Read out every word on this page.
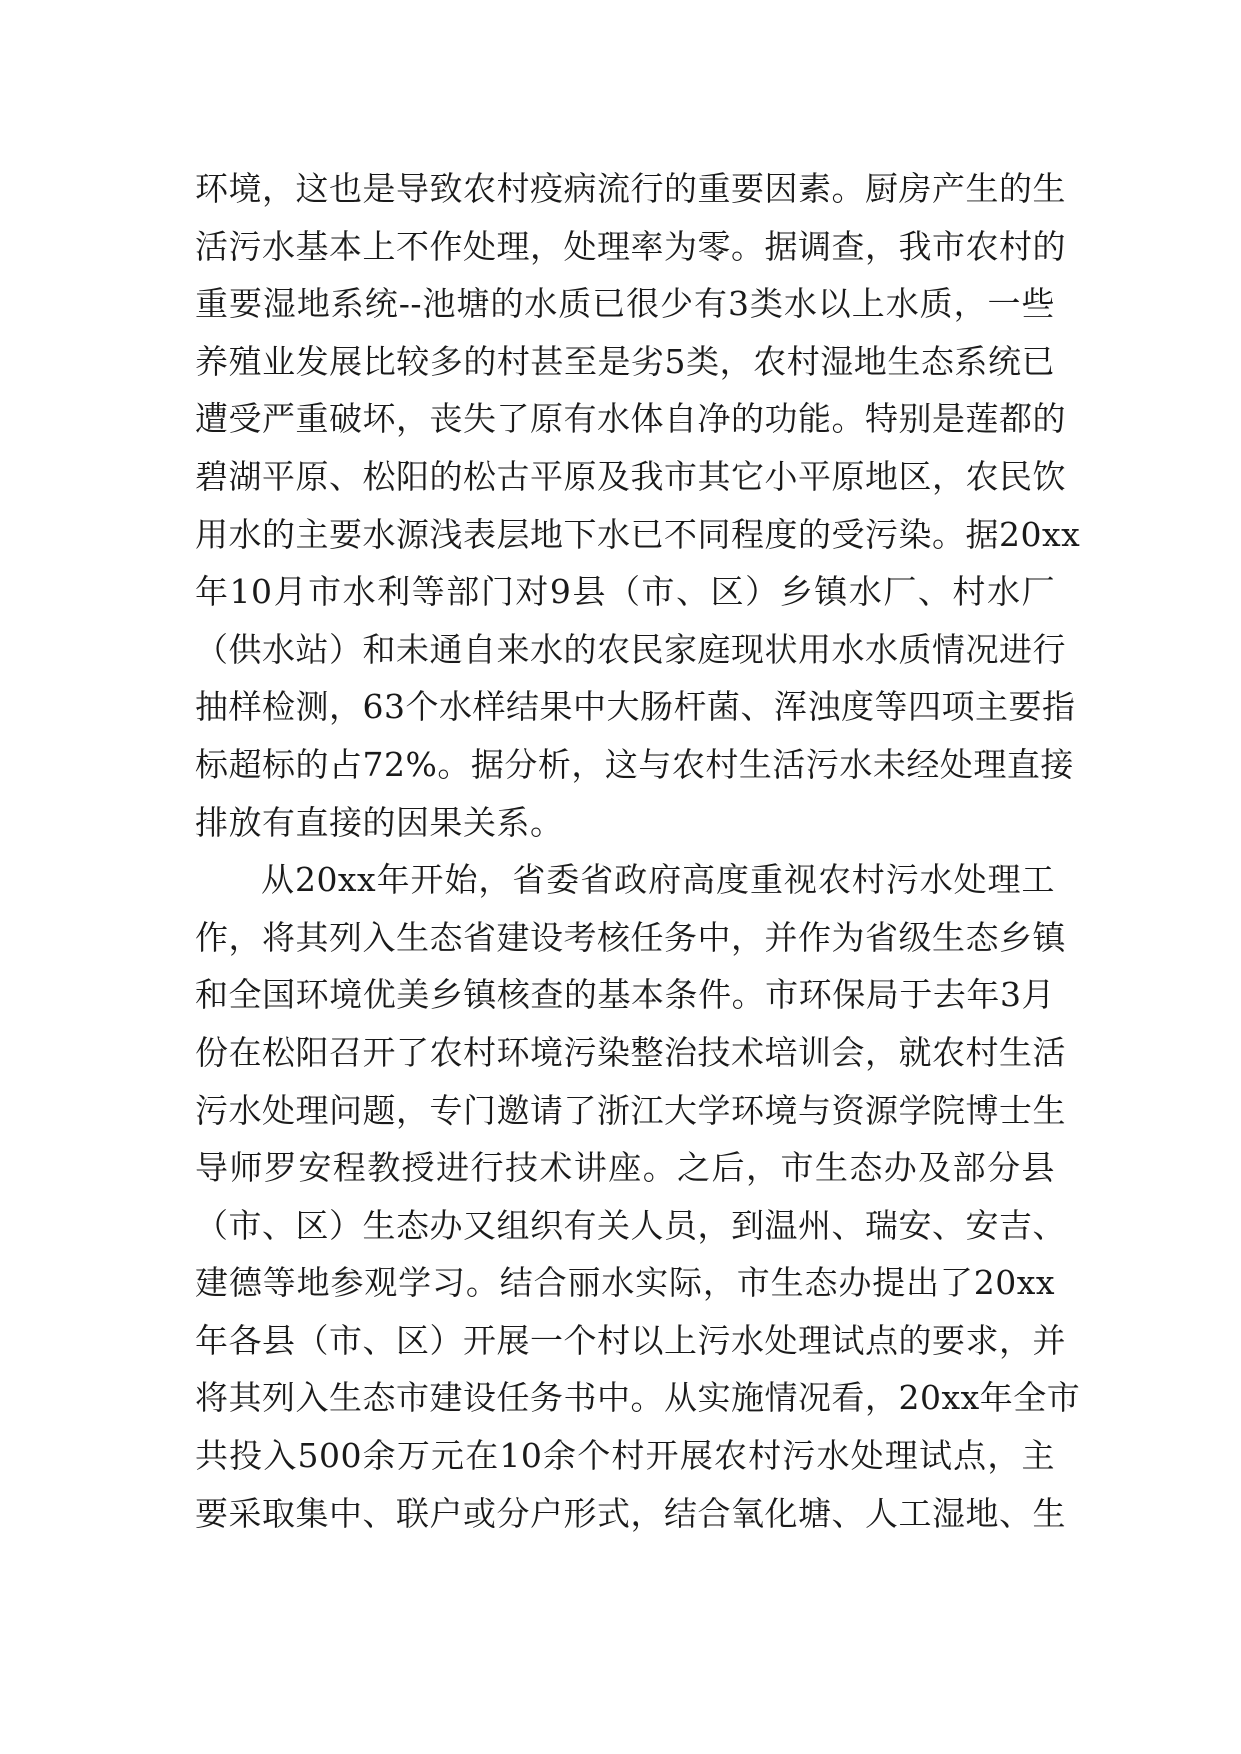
环境，这也是导致农村疫病流行的重要因素。厨房产生的生
活污水基本上不作处理，处理率为零。据调查，我市农村的
重要湿地系统--池塘的水质已很少有3类水以上水质，一些
养殖业发展比较多的村甚至是劣5类，农村湿地生态系统已
遭受严重破坏，丧失了原有水体自净的功能。特别是莲都的
碧湖平原、松阳的松古平原及我市其它小平原地区，农民饮
用水的主要水源浅表层地下水已不同程度的受污染。据20xx
年10月市水利等部门对9县（市、区）乡镇水厂、村水厂
（供水站）和未通自来水的农民家庭现状用水水质情况进行
抽样检测，63个水样结果中大肠杆菌、浑浊度等四项主要指
标超标的占72%。据分析，这与农村生活污水未经处理直接
排放有直接的因果关系。
从20xx年开始，省委省政府高度重视农村污水处理工
作，将其列入生态省建设考核任务中，并作为省级生态乡镇
和全国环境优美乡镇核查的基本条件。市环保局于去年3月
份在松阳召开了农村环境污染整治技术培训会，就农村生活
污水处理问题，专门邀请了浙江大学环境与资源学院博士生
导师罗安程教授进行技术讲座。之后，市生态办及部分县
（市、区）生态办又组织有关人员，到温州、瑞安、安吉、
建德等地参观学习。结合丽水实际，市生态办提出了20xx
年各县（市、区）开展一个村以上污水处理试点的要求，并
将其列入生态市建设任务书中。从实施情况看，20xx年全市
共投入500余万元在10余个村开展农村污水处理试点，主
要采取集中、联户或分户形式，结合氧化塘、人工湿地、生
